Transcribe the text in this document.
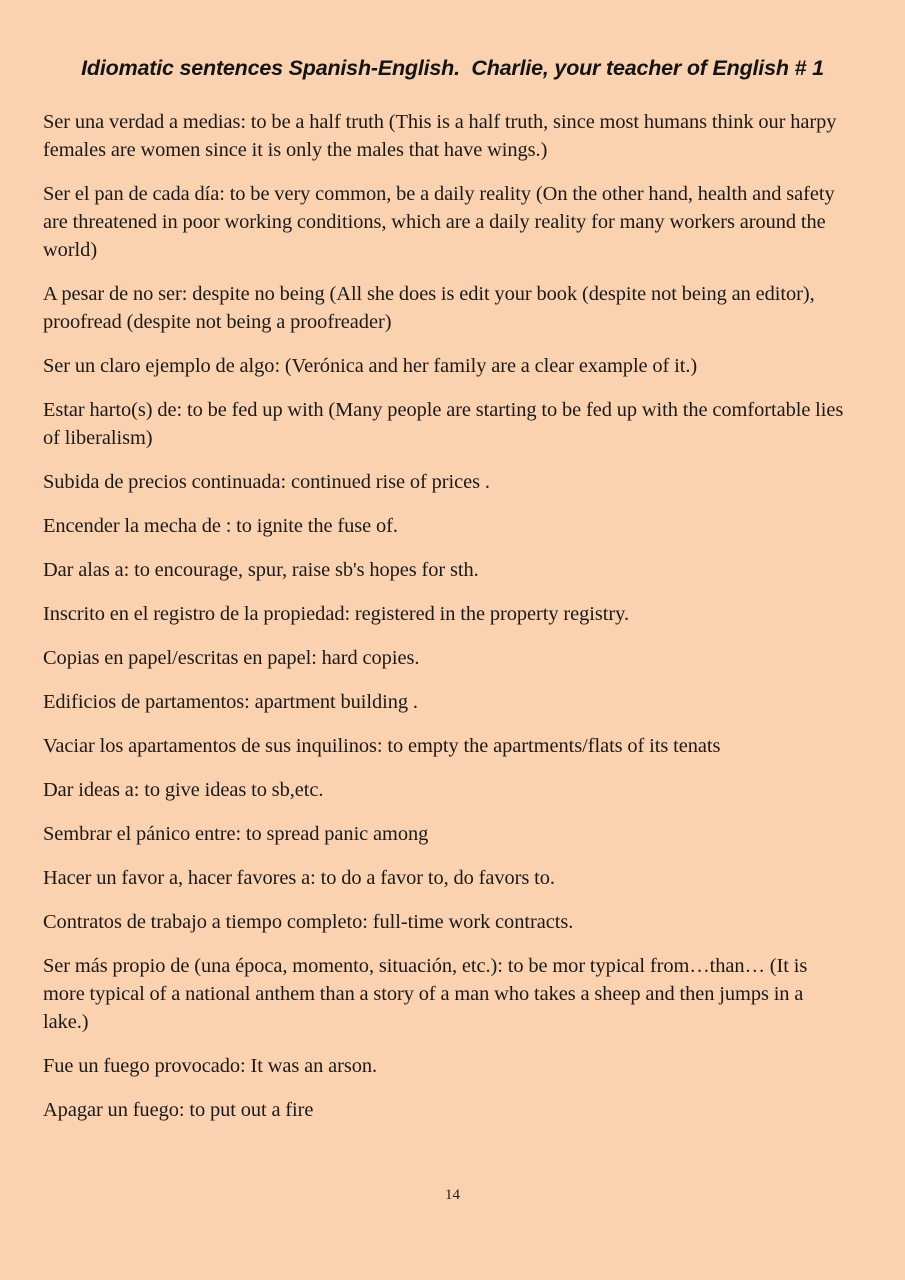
Idiomatic sentences Spanish-English.  Charlie, your teacher of English # 1

Ser una verdad a medias: to be a half truth (This is a half truth, since most humans think our harpy females are women since it is only the males that have wings.)

Ser el pan de cada día: to be very common, be a daily reality (On the other hand, health and safety are threatened in poor working conditions, which are a daily reality for many workers around the world)

A pesar de no ser: despite no being (All she does is edit your book (despite not being an editor), proofread (despite not being a proofreader)

Ser un claro ejemplo de algo: (Verónica and her family are a clear example of it.)

Estar harto(s) de: to be fed up with (Many people are starting to be fed up with the comfortable lies of liberalism)

Subida de precios continuada: continued rise of prices .

Encender la mecha de : to ignite the fuse of.

Dar alas a: to encourage, spur, raise sb's hopes for sth.

Inscrito en el registro de la propiedad: registered in the property registry.

Copias en papel/escritas en papel: hard copies.

Edificios de partamentos: apartment building .

Vaciar los apartamentos de sus inquilinos: to empty the apartments/flats of its tenats

Dar ideas a: to give ideas to sb,etc.

Sembrar el pánico entre: to spread panic among

Hacer un favor a, hacer favores a: to do a favor to, do favors to.

Contratos de trabajo a tiempo completo: full-time work contracts.

Ser más propio de (una época, momento, situación, etc.): to be mor typical from…than… (It is more typical of a national anthem than a story of a man who takes a sheep and then jumps in a lake.)

Fue un fuego provocado: It was an arson.

Apagar un fuego: to put out a fire

14
